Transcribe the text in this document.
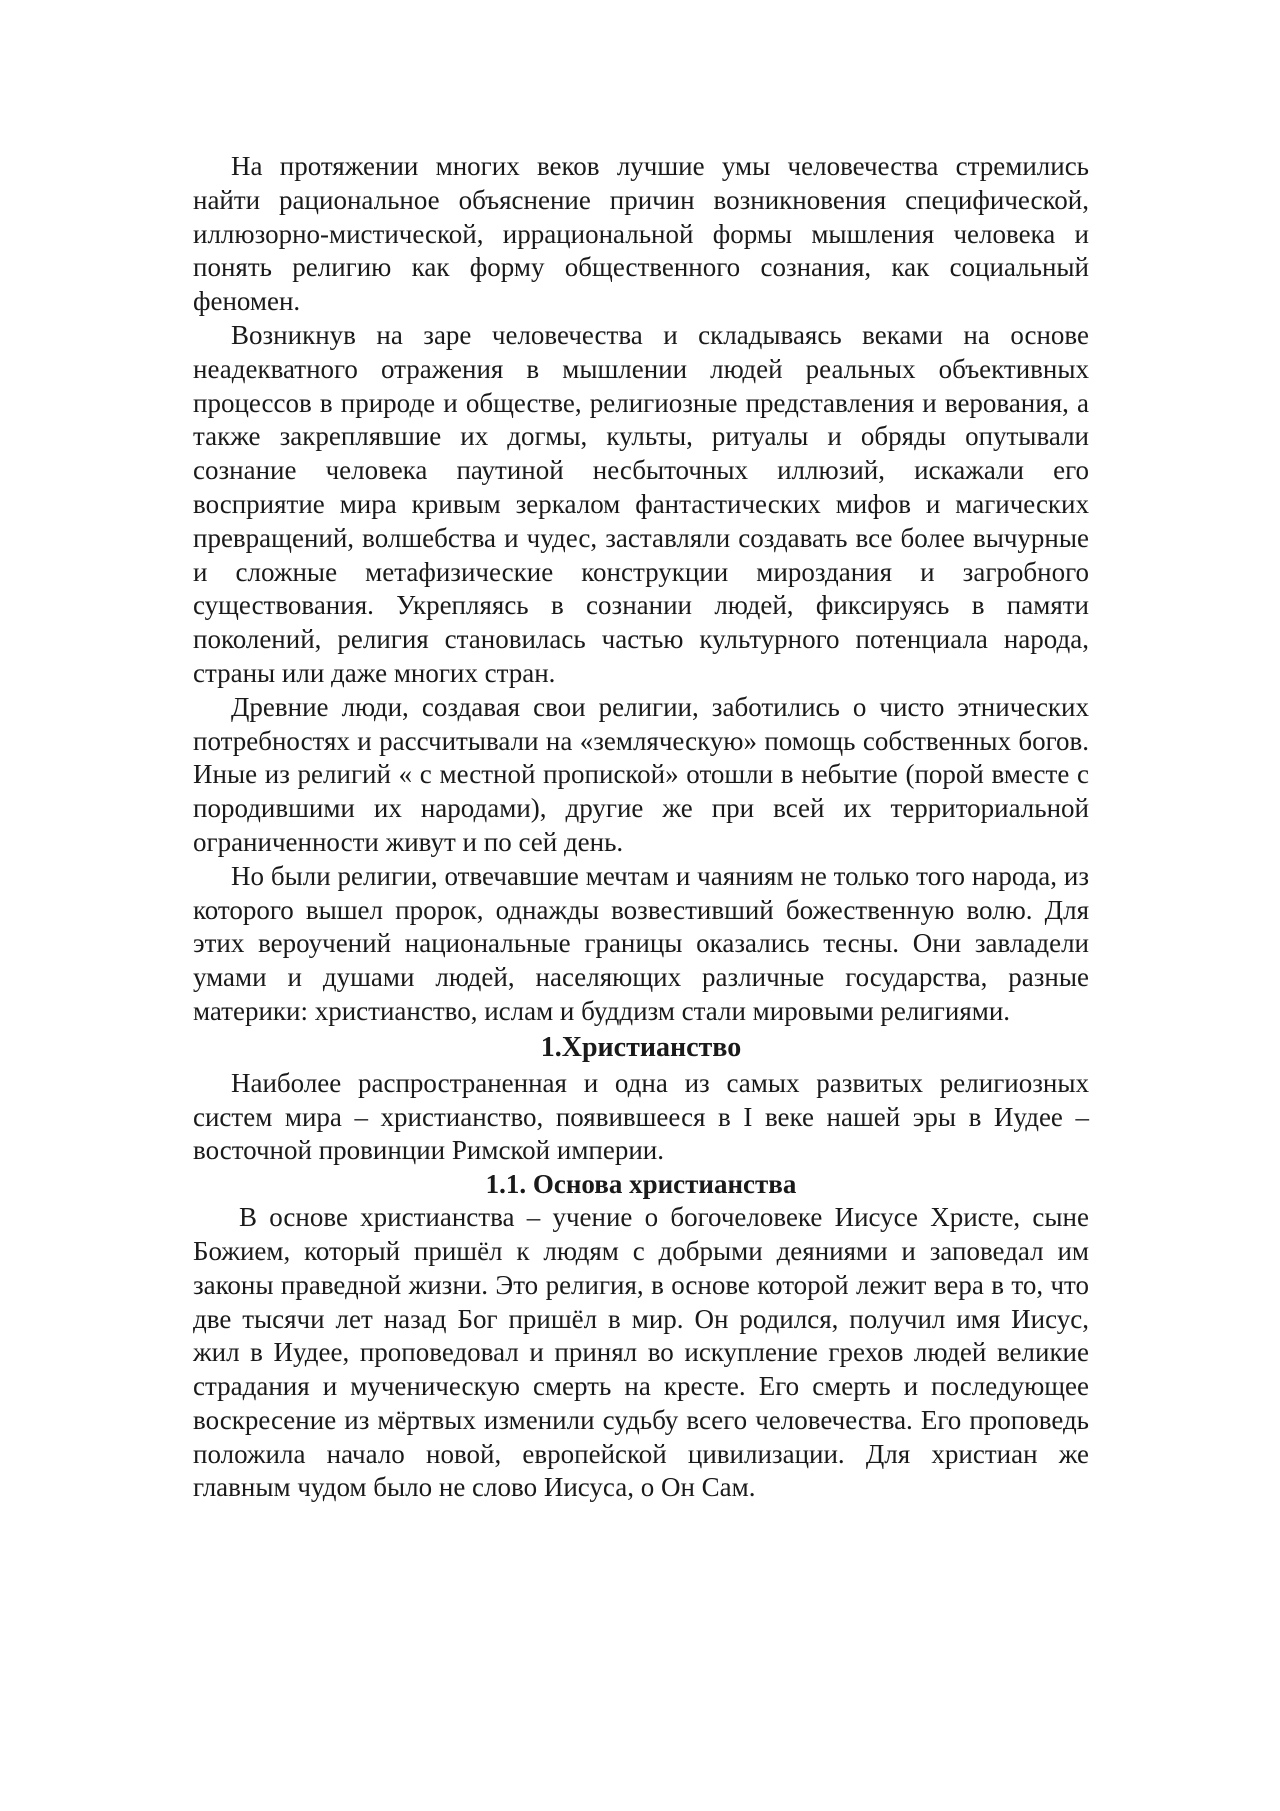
На протяжении многих веков лучшие умы человечества стремились найти рациональное объяснение причин возникновения специфической, иллюзорно-мистической, иррациональной формы мышления человека и понять религию как форму общественного сознания, как социальный феномен.

Возникнув на заре человечества и складываясь веками на основе неадекватного отражения в мышлении людей реальных объективных процессов в природе и обществе, религиозные представления и верования, а также закреплявшие их догмы, культы, ритуалы и обряды опутывали сознание человека паутиной несбыточных иллюзий, искажали его восприятие мира кривым зеркалом фантастических мифов и магических превращений, волшебства и чудес, заставляли создавать все более вычурные и сложные метафизические конструкции мироздания и загробного существования. Укрепляясь в сознании людей, фиксируясь в памяти поколений, религия становилась частью культурного потенциала народа, страны или даже многих стран.

Древние люди, создавая свои религии, заботились о чисто этнических потребностях и рассчитывали на «земляческую» помощь собственных богов. Иные из религий « с местной пропиской» отошли в небытие (порой вместе с породившими их народами), другие же при всей их территориальной ограниченности живут и по сей день.

Но были религии, отвечавшие мечтам и чаяниям не только того народа, из которого вышел пророк, однажды возвестивший божественную волю. Для этих вероучений национальные границы оказались тесны. Они завладели умами и душами людей, населяющих различные государства, разные материки: христианство, ислам и буддизм стали мировыми религиями.

1.Христианство

Наиболее распространенная и одна из самых развитых религиозных систем мира – христианство, появившееся в I веке нашей эры в Иудее – восточной провинции Римской империи.

1.1. Основа христианства

В основе христианства – учение о богочеловеке Иисусе Христе, сыне Божием, который пришёл к людям с добрыми деяниями и заповедал им законы праведной жизни. Это религия, в основе которой лежит вера в то, что две тысячи лет назад Бог пришёл в мир. Он родился, получил имя Иисус, жил в Иудее, проповедовал и принял во искупление грехов людей великие страдания и мученическую смерть на кресте. Его смерть и последующее воскресение из мёртвых изменили судьбу всего человечества. Его проповедь положила начало новой, европейской цивилизации. Для христиан же главным чудом было не слово Иисуса, о Он Сам.
